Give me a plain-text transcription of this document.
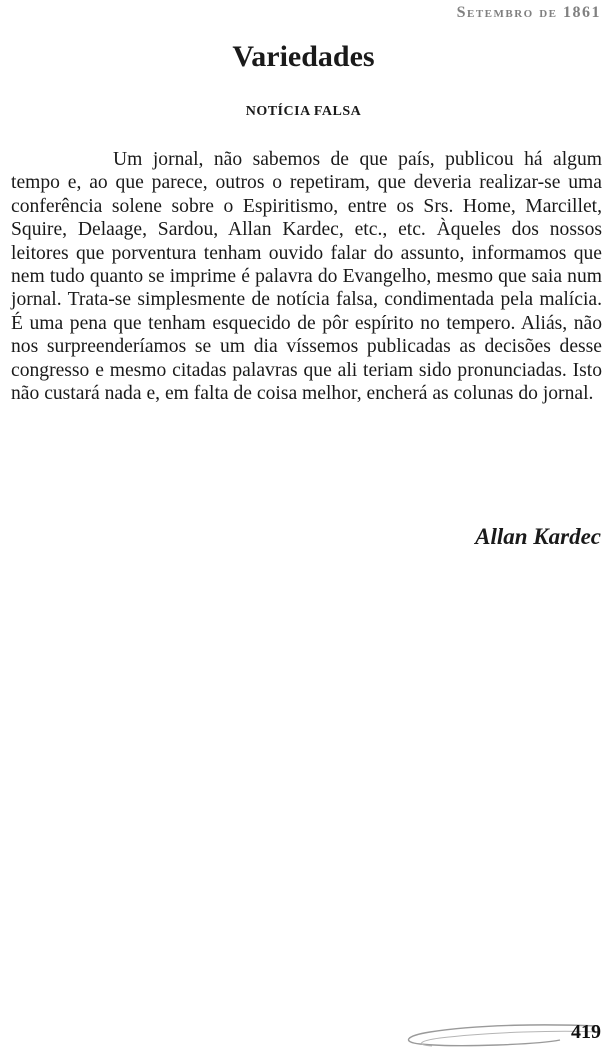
Setembro de 1861
Variedades
NOTÍCIA FALSA

Um jornal, não sabemos de que país, publicou há algum tempo e, ao que parece, outros o repetiram, que deveria realizar-se uma conferência solene sobre o Espiritismo, entre os Srs. Home, Marcillet, Squire, Delaage, Sardou, Allan Kardec, etc., etc. Àqueles dos nossos leitores que porventura tenham ouvido falar do assunto, informamos que nem tudo quanto se imprime é palavra do Evangelho, mesmo que saia num jornal. Trata-se simplesmente de notícia falsa, condimentada pela malícia. É uma pena que tenham esquecido de pôr espírito no tempero. Aliás, não nos surpreenderíamos se um dia víssemos publicadas as decisões desse congresso e mesmo citadas palavras que ali teriam sido pronunciadas. Isto não custará nada e, em falta de coisa melhor, encherá as colunas do jornal.

Allan Kardec

419
